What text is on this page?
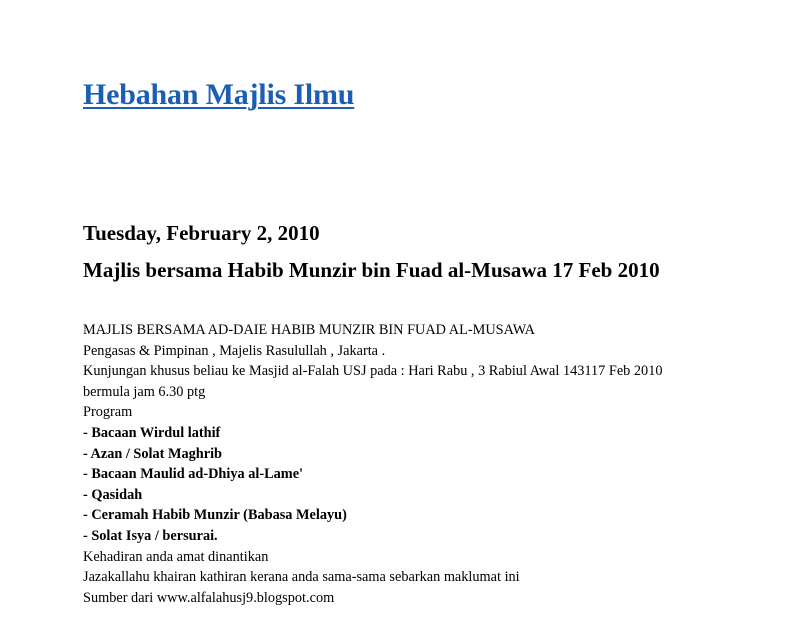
Hebahan Majlis Ilmu
Tuesday, February 2, 2010
Majlis bersama Habib Munzir bin Fuad al-Musawa 17 Feb 2010
MAJLIS BERSAMA AD-DAIE HABIB MUNZIR BIN FUAD AL-MUSAWA
Pengasas & Pimpinan , Majelis Rasulullah , Jakarta .
Kunjungan khusus beliau ke Masjid al-Falah USJ pada : Hari Rabu , 3 Rabiul Awal 143117 Feb 2010 bermula jam 6.30 ptg
Program
- Bacaan Wirdul lathif
- Azan / Solat Maghrib
- Bacaan Maulid ad-Dhiya al-Lame'
- Qasidah
- Ceramah Habib Munzir (Babasa Melayu)
- Solat Isya / bersurai.
Kehadiran anda amat dinantikan
Jazakallahu khairan kathiran kerana anda sama-sama sebarkan maklumat ini
Sumber dari www.alfalahusj9.blogspot.com
